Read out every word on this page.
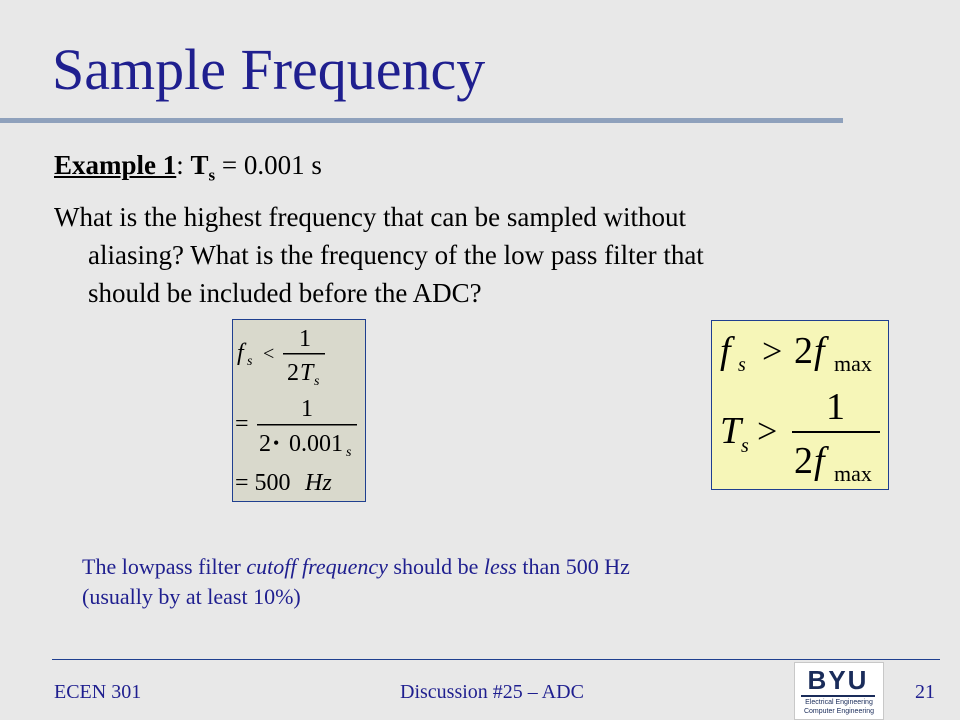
Sample Frequency
Example 1: $T_s = 0.001$ s
What is the highest frequency that can be sampled without
aliasing? What is the frequency of the low pass filter that
should be included before the ADC?
f s <
1
2 T s
=
1
2 • 0.001 s
= 500 Hz
f s > 2 f max
T s >
1
2 f max
The lowpass filter cutoff frequency should be less than 500 Hz
(usually by at least 10%)
ECEN 301	Discussion #25 – ADC	21
BYU
Electrical Engineering
Computer Engineering
